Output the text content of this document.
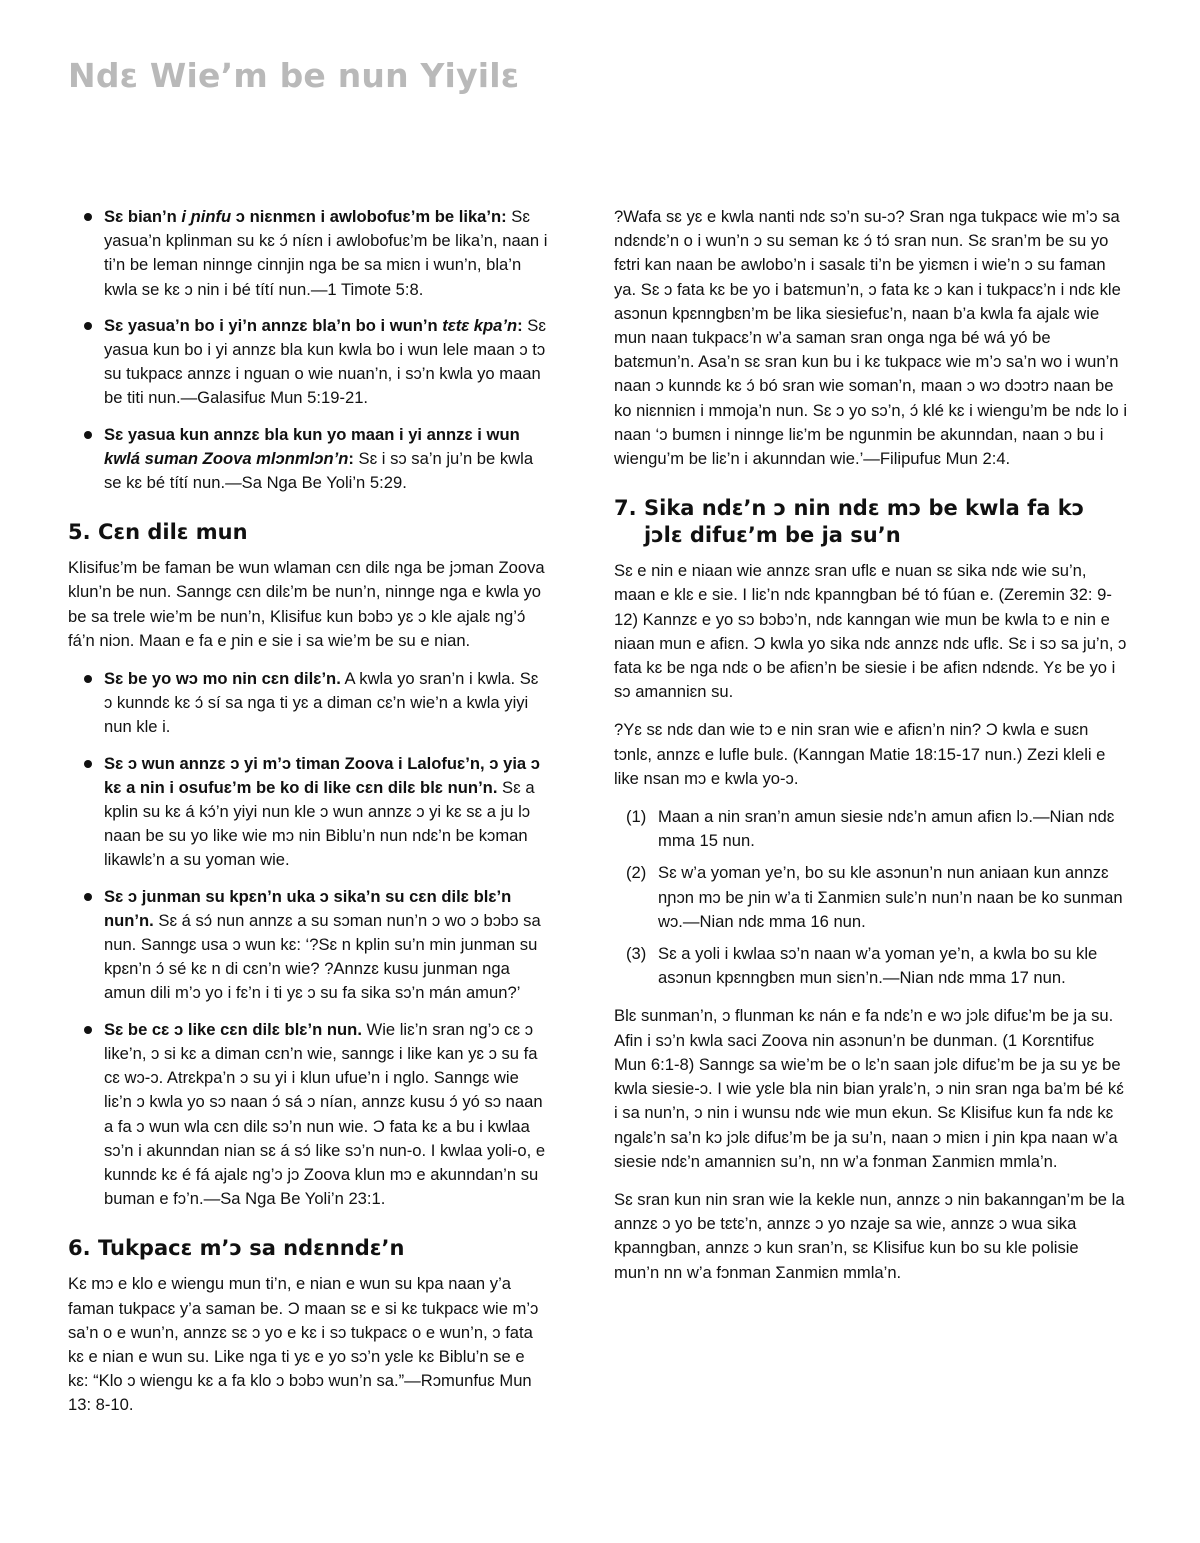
Ndɛ Wie’m be nun Yiyilɛ
Sɛ bian’n i ɲinfu ɔ niɛnmɛn i awlobofuɛ’m be lika’n: Sɛ yasua’n kplinman su kɛ ɔ́ níɛn i awlobofuɛ’m be lika’n, naan i ti’n be leman ninnge cinnjin nga be sa miɛn i wun’n, bla’n kwla se kɛ ɔ nin i bé títí nun.—1 Timote 5:8.
Sɛ yasua’n bo i yi’n annzɛ bla’n bo i wun’n tɛtɛ kpa’n: Sɛ yasua kun bo i yi annzɛ bla kun kwla bo i wun lele maan ɔ tɔ su tukpacɛ annzɛ i nguan o wie nuan’n, i sɔ’n kwla yo maan be titi nun.—Galasifuɛ Mun 5:19-21.
Sɛ yasua kun annzɛ bla kun yo maan i yi annzɛ i wun kwlá suman Zoova mlɔnmlɔn’n: Sɛ i sɔ sa’n ju’n be kwla se kɛ bé títí nun.—Sa Nga Be Yoli’n 5:29.
5. Cɛn dilɛ mun

Klisifuɛ’m be faman be wun wlaman cɛn dilɛ nga be jɔman Zoova klun’n be nun. Sanngɛ cɛn dilɛ’m be nun’n, ninnge nga e kwla yo be sa trele wie’m be nun’n, Klisifuɛ kun bɔbɔ yɛ ɔ kle ajalɛ ng’ɔ́ fá’n niɔn. Maan e fa e ɲin e sie i sa wie’m be su e nian.

Sɛ be yo wɔ mo nin cɛn dilɛ’n. A kwla yo sran’n i kwla. Sɛ ɔ kunndɛ kɛ ɔ́ sí sa nga ti yɛ a diman cɛ’n wie’n a kwla yiyi nun kle i.
Sɛ ɔ wun annzɛ ɔ yi m’ɔ timan Zoova i Lalofuɛ’n, ɔ yia ɔ kɛ a nin i osufuɛ’m be ko di like cɛn dilɛ blɛ nun’n. Sɛ a kplin su kɛ á kɔ́’n yiyi nun kle ɔ wun annzɛ ɔ yi kɛ sɛ a ju lɔ naan be su yo like wie mɔ nin Biblu’n nun ndɛ’n be kɔman likawlɛ’n a su yoman wie.
Sɛ ɔ junman su kpɛn’n uka ɔ sika’n su cɛn dilɛ blɛ’n nun’n. Sɛ á sɔ́ nun annzɛ a su sɔman nun’n ɔ wo ɔ bɔbɔ sa nun. Sanngɛ usa ɔ wun kɛ: ‘?Sɛ n kplin su’n min junman su kpɛn’n ɔ́ sé kɛ n di cɛn’n wie? ?Annzɛ kusu junman nga amun dili m’ɔ yo i fɛ’n i ti yɛ ɔ su fa sika sɔ’n mán amun?’
Sɛ be cɛ ɔ like cɛn dilɛ blɛ’n nun. Wie liɛ’n sran ng’ɔ cɛ ɔ like’n, ɔ si kɛ a diman cɛn’n wie, sanngɛ i like kan yɛ ɔ su fa cɛ wɔ-ɔ. Atrɛkpa’n ɔ su yi i klun ufue’n i nglo. Sanngɛ wie liɛ’n ɔ kwla yo sɔ naan ɔ́ sá ɔ nían, annzɛ kusu ɔ́ yó sɔ naan a fa ɔ wun wla cɛn dilɛ sɔ’n nun wie. Ɔ fata kɛ a bu i kwlaa sɔ’n i akunndan nian sɛ á sɔ́ like sɔ’n nun-o. I kwlaa yoli-o, e kunndɛ kɛ é fá ajalɛ ng’ɔ jɔ Zoova klun mɔ e akunndan’n su buman e fɔ’n.—Sa Nga Be Yoli’n 23:1.
6. Tukpacɛ m’ɔ sa ndɛnndɛ’n

Kɛ mɔ e klo e wiengu mun ti’n, e nian e wun su kpa naan y’a faman tukpacɛ y’a saman be. Ɔ maan sɛ e si kɛ tukpacɛ wie m’ɔ sa’n o e wun’n, annzɛ sɛ ɔ yo e kɛ i sɔ tukpacɛ o e wun’n, ɔ fata kɛ e nian e wun su. Like nga ti yɛ e yo sɔ’n yɛle kɛ Biblu’n se e kɛ: “Klo ɔ wiengu kɛ a fa klo ɔ bɔbɔ wun’n sa.”—Rɔmunfuɛ Mun 13: 8-10.

?Wafa sɛ yɛ e kwla nanti ndɛ sɔ’n su-ɔ? Sran nga tukpacɛ wie m’ɔ sa ndɛndɛ’n o i wun’n ɔ su seman kɛ ɔ́ tɔ́ sran nun. Sɛ sran’m be su yo fɛtri kan naan be awlobo’n i sasalɛ ti’n be yiɛmɛn i wie’n ɔ su faman ya. Sɛ ɔ fata kɛ be yo i batɛmun’n, ɔ fata kɛ ɔ kan i tukpacɛ’n i ndɛ kle asɔnun kpɛnngbɛn’m be lika siesiefuɛ’n, naan b’a kwla fa ajalɛ wie mun naan tukpacɛ’n w’a saman sran onga nga bé wá yó be batɛmun’n. Asa’n sɛ sran kun bu i kɛ tukpacɛ wie m’ɔ sa’n wo i wun’n naan ɔ kunndɛ kɛ ɔ́ bó sran wie soman’n, maan ɔ wɔ dɔɔtrɔ naan be ko niɛnniɛn i mmoja’n nun. Sɛ ɔ yo sɔ’n, ɔ́ klé kɛ i wiengu’m be ndɛ lo i naan ‘ɔ bumɛn i ninnge liɛ’m be ngunmin be akunndan, naan ɔ bu i wiengu’m be liɛ’n i akunndan wie.’—Filipufuɛ Mun 2:4.

7. Sika ndɛ’n ɔ nin ndɛ mɔ be kwla fa kɔ jɔlɛ difuɛ’m be ja su’n

Sɛ e nin e niaan wie annzɛ sran uflɛ e nuan sɛ sika ndɛ wie su’n, maan e klɛ e sie. I liɛ’n ndɛ kpanngban bé tó fúan e. (Zeremin 32: 9-12) Kannzɛ e yo sɔ bɔbɔ’n, ndɛ kanngan wie mun be kwla tɔ e nin e niaan mun e afiɛn. Ɔ kwla yo sika ndɛ annzɛ ndɛ uflɛ. Sɛ i sɔ sa ju’n, ɔ fata kɛ be nga ndɛ o be afiɛn’n be siesie i be afiɛn ndɛndɛ. Yɛ be yo i sɔ amanniɛn su.

?Yɛ sɛ ndɛ dan wie tɔ e nin sran wie e afiɛn’n nin? Ɔ kwla e suɛn tɔnlɛ, annzɛ e lufle bulɛ. (Kanngan Matie 18:15-17 nun.) Zezi kleli e like nsan mɔ e kwla yo-ɔ.

(1) Maan a nin sran’n amun siesie ndɛ’n amun afiɛn lɔ.—Nian ndɛ mma 15 nun.
(2) Sɛ w’a yoman ye’n, bo su kle asɔnun’n nun aniaan kun annzɛ nɲɔn mɔ be ɲin w’a ti Ʃanmiɛn sulɛ’n nun’n naan be ko sunman wɔ.—Nian ndɛ mma 16 nun.
(3) Sɛ a yoli i kwlaa sɔ’n naan w’a yoman ye’n, a kwla bo su kle asɔnun kpɛnngbɛn mun siɛn’n.—Nian ndɛ mma 17 nun.

Blɛ sunman’n, ɔ flunman kɛ nán e fa ndɛ’n e wɔ jɔlɛ difuɛ’m be ja su. Afin i sɔ’n kwla saci Zoova nin asɔnun’n be dunman. (1 Korɛntifuɛ Mun 6:1-8) Sanngɛ sa wie’m be o lɛ’n saan jɔlɛ difuɛ’m be ja su yɛ be kwla siesie-ɔ. I wie yɛle bla nin bian yralɛ’n, ɔ nin sran nga ba’m bé kɛ́ i sa nun’n, ɔ nin i wunsu ndɛ wie mun ekun. Sɛ Klisifuɛ kun fa ndɛ kɛ ngalɛ’n sa’n kɔ jɔlɛ difuɛ’m be ja su’n, naan ɔ miɛn i ɲin kpa naan w’a siesie ndɛ’n amanniɛn su’n, nn w’a fɔnman Ʃanmiɛn mmla’n.

Sɛ sran kun nin sran wie la kekle nun, annzɛ ɔ nin bakanngan’m be la annzɛ ɔ yo be tɛtɛ’n, annzɛ ɔ yo nzaje sa wie, annzɛ ɔ wua sika kpanngban, annzɛ ɔ kun sran’n, sɛ Klisifuɛ kun bo su kle polisie mun’n nn w’a fɔnman Ʃanmiɛn mmla’n.
